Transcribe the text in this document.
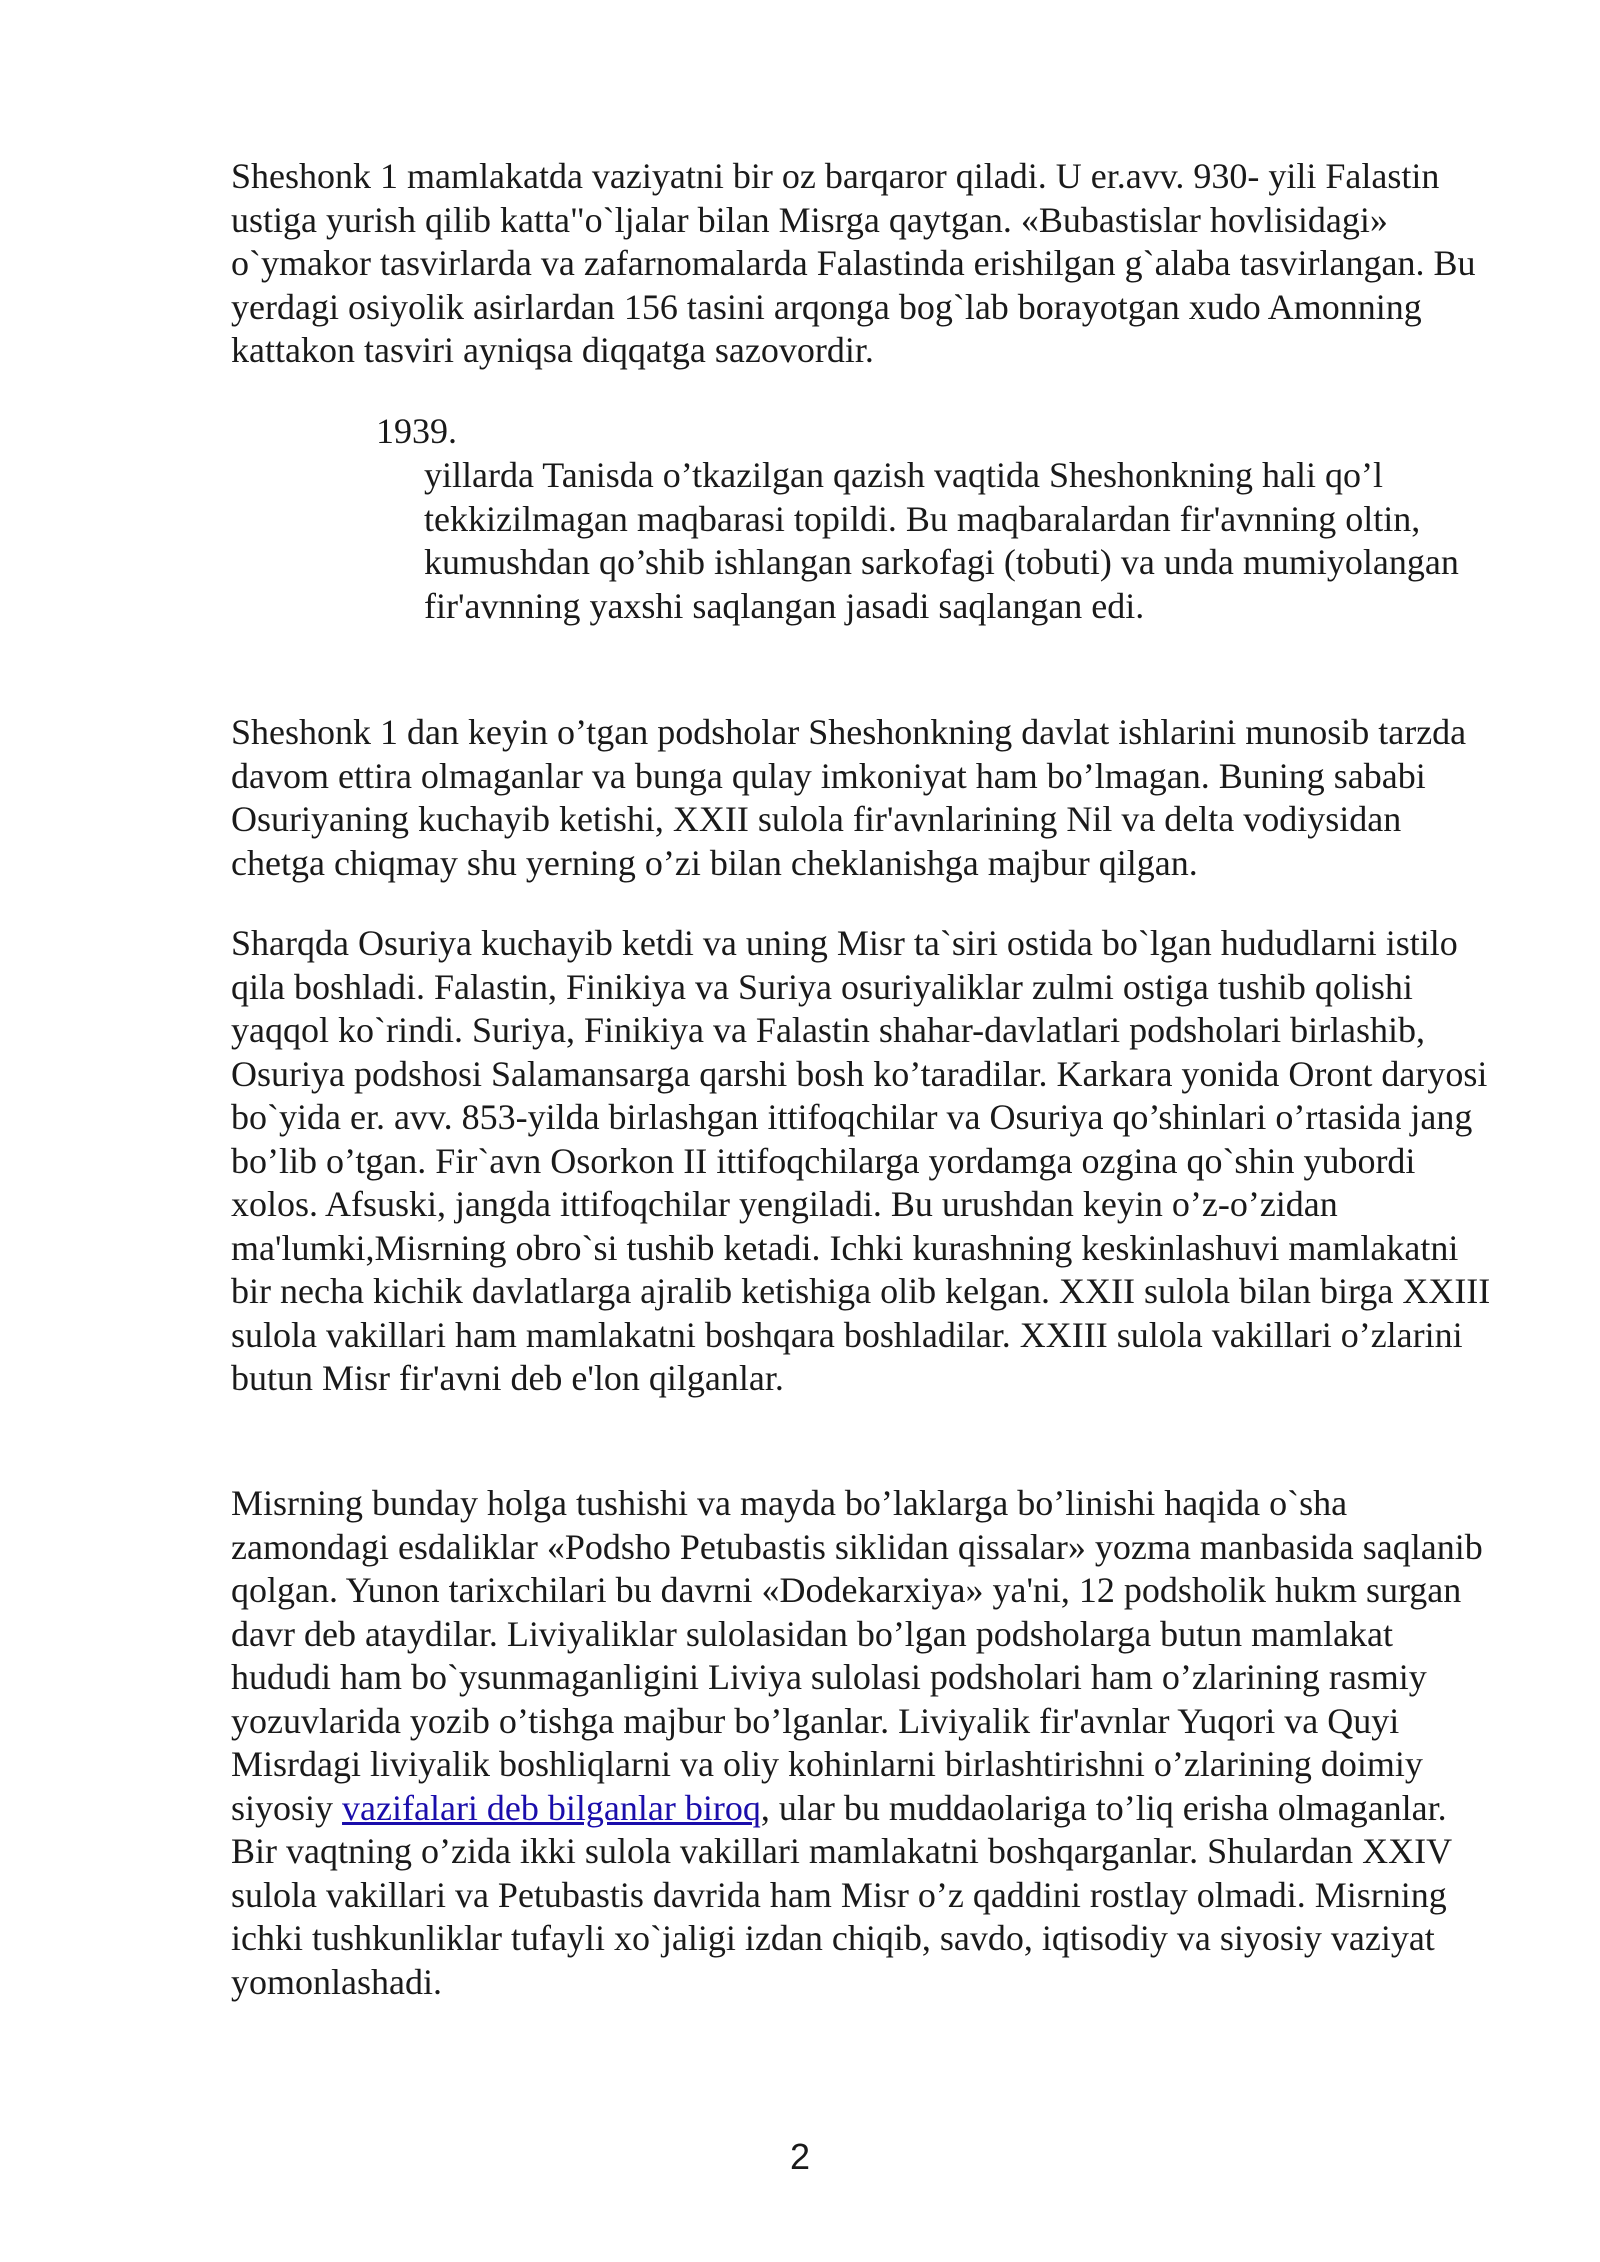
Sheshonk 1 mamlakatda vaziyatni bir oz barqaror qiladi. U er.avv. 930- yili Falastin ustiga yurish qilib katta"o`ljalar bilan Misrga qaytgan. «Bubastislar hovlisidagi» o`ymakor tasvirlarda va zafarnomalarda Falastinda erishilgan g`alaba tasvirlangan. Bu yerdagi osiyolik asirlardan 156 tasini arqonga bog`lab borayotgan xudo Amonning kattakon tasviri ayniqsa diqqatga sazovordir.

1939.

yillarda Tanisda o’tkazilgan qazish vaqtida Sheshonkning hali qo’l tekkizilmagan maqbarasi topildi. Bu maqbaralardan fir'avnning oltin, kumushdan qo’shib ishlangan sarkofagi (tobuti) va unda mumiyolangan fir'avnning yaxshi saqlangan jasadi saqlangan edi.

Sheshonk 1 dan keyin o’tgan podsholar Sheshonkning davlat ishlarini munosib tarzda davom ettira olmaganlar va bunga qulay imkoniyat ham bo’lmagan. Buning sababi Osuriyaning kuchayib ketishi, XXII sulola fir'avnlarining Nil va delta vodiysidan chetga chiqmay shu yerning o’zi bilan cheklanishga majbur qilgan.

Sharqda Osuriya kuchayib ketdi va uning Misr ta`siri ostida bo`lgan hududlarni istilo qila boshladi. Falastin, Finikiya va Suriya osuriyaliklar zulmi ostiga tushib qolishi yaqqol ko`rindi. Suriya, Finikiya va Falastin shahar-davlatlari podsholari birlashib, Osuriya podshosi Salamansarga qarshi bosh ko’taradilar. Karkara yonida Oront daryosi bo`yida er. avv. 853-yilda birlashgan ittifoqchilar va Osuriya qo’shinlari o’rtasida jang bo’lib o’tgan. Fir`avn Osorkon II ittifoqchilarga yordamga ozgina qo`shin yubordi xolos. Afsuski, jangda ittifoqchilar yengiladi. Bu urushdan keyin o’z-o’zidan ma'lumki,Misrning obro`si tushib ketadi. Ichki kurashning keskinlashuvi mamlakatni bir necha kichik davlatlarga ajralib ketishiga olib kelgan. XXII sulola bilan birga XXIII sulola vakillari ham mamlakatni boshqara boshladilar. XXIII sulola vakillari o’zlarini butun Misr fir'avni deb e'lon qilganlar.

Misrning bunday holga tushishi va mayda bo’laklarga bo’linishi haqida o`sha zamondagi esdaliklar «Podsho Petubastis siklidan qissalar» yozma manbasida saqlanib qolgan. Yunon tarixchilari bu davrni «Dodekarxiya» ya'ni, 12 podsholik hukm surgan davr deb ataydilar. Liviyaliklar sulolasidan bo’lgan podsholarga butun mamlakat hududi ham bo`ysunmaganligini Liviya sulolasi podsholari ham o’zlarining rasmiy yozuvlarida yozib o’tishga majbur bo’lganlar. Liviyalik fir'avnlar Yuqori va Quyi Misrdagi liviyalik boshliqlarni va oliy kohinlarni birlashtirishni o’zlarining doimiy siyosiy vazifalari deb bilganlar biroq, ular bu muddaolariga to’liq erisha olmaganlar. Bir vaqtning o’zida ikki sulola vakillari mamlakatni boshqarganlar. Shulardan XXIV sulola vakillari va Petubastis davrida ham Misr o’z qaddini rostlay olmadi. Misrning ichki tushkunliklar tufayli xo`jaligi izdan chiqib, savdo, iqtisodiy va siyosiy vaziyat yomonlashadi.

2
